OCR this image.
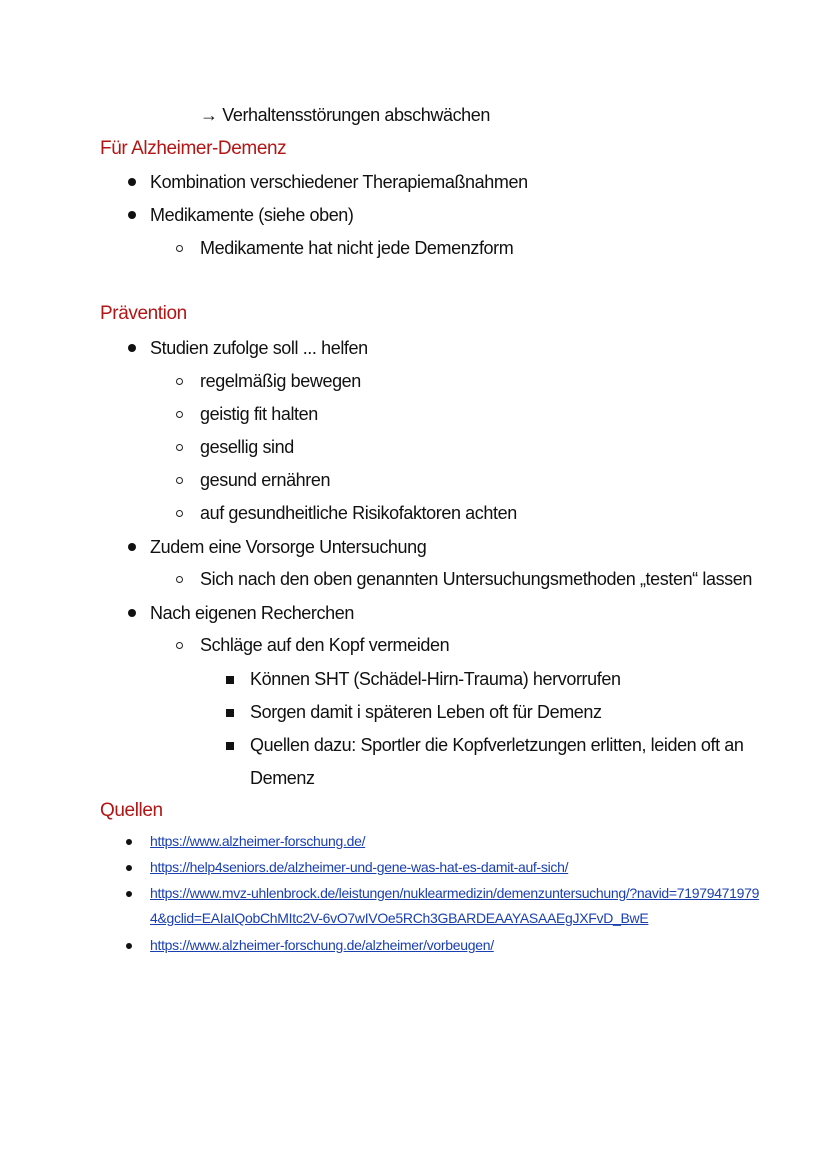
→ Verhaltensstörungen abschwächen
Für Alzheimer-Demenz
Kombination verschiedener Therapiemaßnahmen
Medikamente (siehe oben)
Medikamente hat nicht jede Demenzform
Prävention
Studien zufolge soll ... helfen
regelmäßig bewegen
geistig fit halten
gesellig sind
gesund ernähren
auf gesundheitliche Risikofaktoren achten
Zudem eine Vorsorge Untersuchung
Sich nach den oben genannten Untersuchungsmethoden „testen“ lassen
Nach eigenen Recherchen
Schläge auf den Kopf vermeiden
Können SHT (Schädel-Hirn-Trauma) hervorrufen
Sorgen damit i späteren Leben oft für Demenz
Quellen dazu: Sportler die Kopfverletzungen erlitten, leiden oft an
Demenz
Quellen
https://www.alzheimer-forschung.de/
https://help4seniors.de/alzheimer-und-gene-was-hat-es-damit-auf-sich/
https://www.mvz-uhlenbrock.de/leistungen/nuklearmedizin/demenzuntersuchung/?navid=71979471979
4&gclid=EAIaIQobChMItc2V-6vO7wIVOe5RCh3GBARDEAAYASAAEgJXFvD_BwE
https://www.alzheimer-forschung.de/alzheimer/vorbeugen/
